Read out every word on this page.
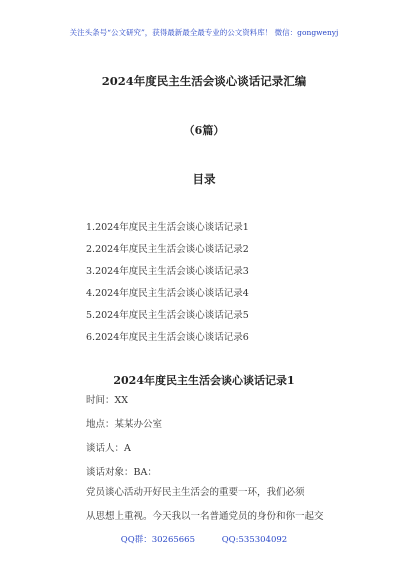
关注头条号“公文研究”，获得最新最全最专业的公文资料库！ 微信：gongwenyj
2024年度民主生活会谈心谈话记录汇编
（6篇）
目录
1.2024年度民主生活会谈心谈话记录1
2.2024年度民主生活会谈心谈话记录2
3.2024年度民主生活会谈心谈话记录3
4.2024年度民主生活会谈心谈话记录4
5.2024年度民主生活会谈心谈话记录5
6.2024年度民主生活会谈心谈话记录6
2024年度民主生活会谈心谈话记录1
时间：XX
地点：某某办公室
谈话人：A
谈话对象：BA：

党员谈心活动开好民主生活会的重要一环，我们必须
从思想上重视。今天我以一名普通党员的身份和你一起交

QQ群：30265665	QQ:535304092
